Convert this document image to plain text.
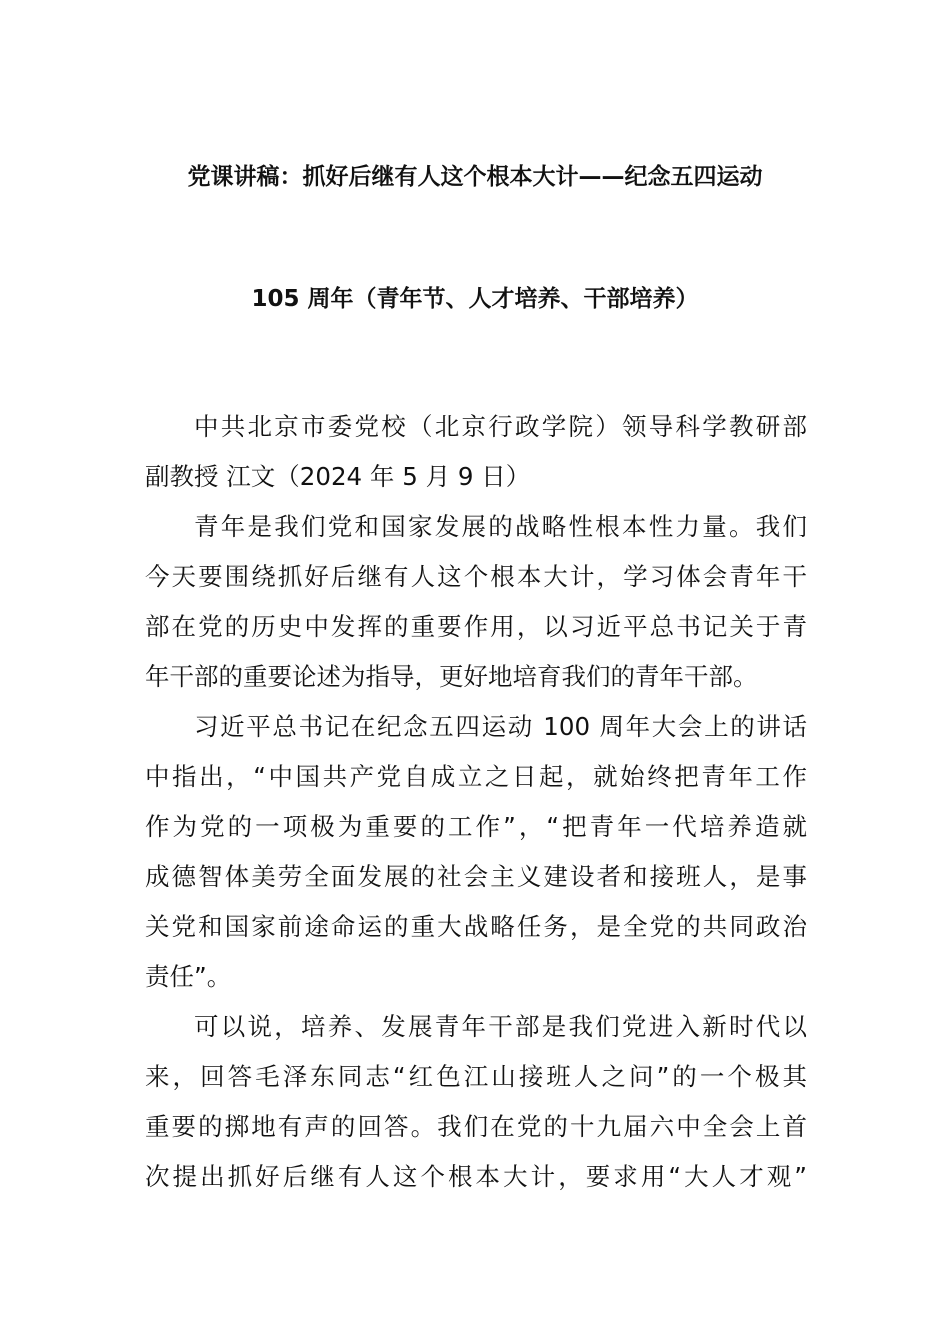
党课讲稿：抓好后继有人这个根本大计——纪念五四运动
105 周年（青年节、人才培养、干部培养）
中共北京市委党校（北京行政学院）领导科学教研部
副教授 江文（2024 年 5 月 9 日）
青年是我们党和国家发展的战略性根本性力量。我们
今天要围绕抓好后继有人这个根本大计，学习体会青年干
部在党的历史中发挥的重要作用，以习近平总书记关于青
年干部的重要论述为指导，更好地培育我们的青年干部。
习近平总书记在纪念五四运动 100 周年大会上的讲话
中指出，“中国共产党自成立之日起，就始终把青年工作
作为党的一项极为重要的工作”，“把青年一代培养造就
成德智体美劳全面发展的社会主义建设者和接班人，是事
关党和国家前途命运的重大战略任务，是全党的共同政治
责任”。
可以说，培养、发展青年干部是我们党进入新时代以
来，回答毛泽东同志“红色江山接班人之问”的一个极其
重要的掷地有声的回答。我们在党的十九届六中全会上首
次提出抓好后继有人这个根本大计，要求用“大人才观”
